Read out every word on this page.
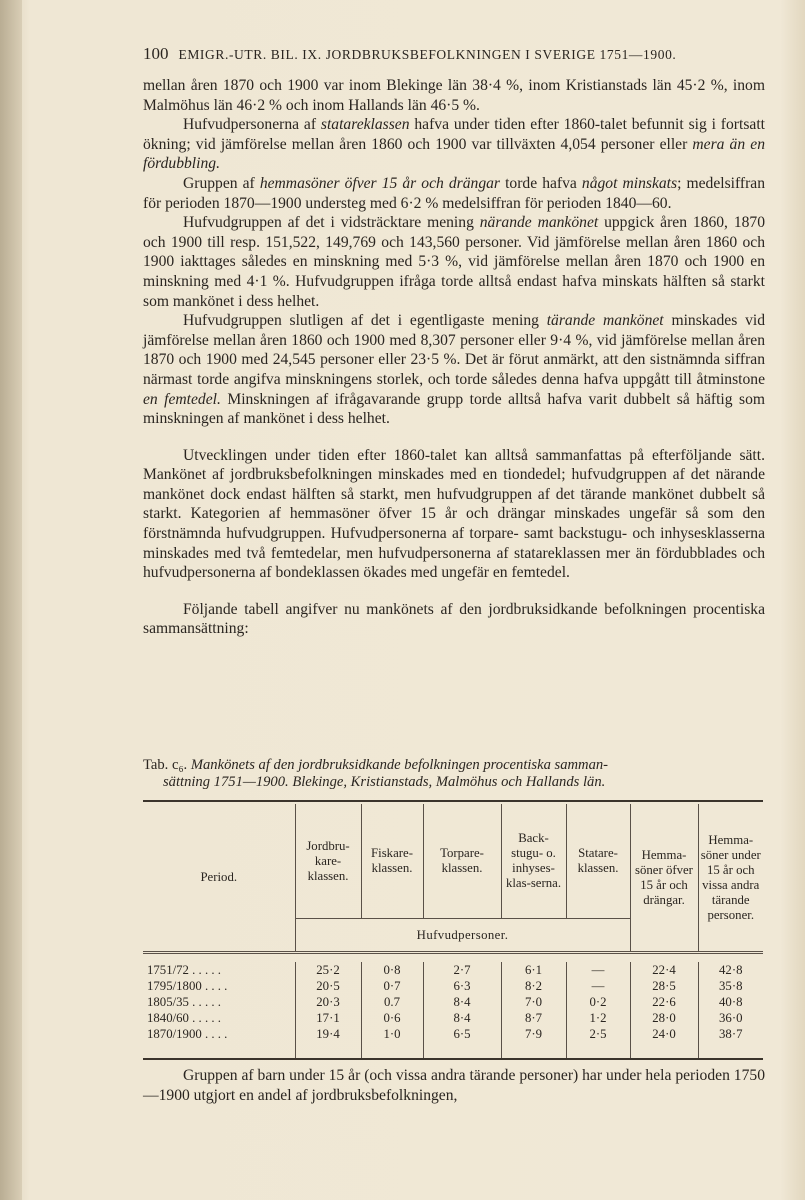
100 EMIGR.-UTR. BIL. IX. JORDBRUKSBEFOLKNINGEN I SVERIGE 1751—1900.

mellan åren 1870 och 1900 var inom Blekinge län 38·4 %, inom Kristianstads län 45·2 %, inom Malmöhus län 46·2 % och inom Hallands län 46·5 %.

Hufvudpersonerna af statareklassen hafva under tiden efter 1860-talet befunnit sig i fortsatt ökning; vid jämförelse mellan åren 1860 och 1900 var tillväxten 4,054 personer eller mera än en fördubbling.

Gruppen af hemmasöner öfver 15 år och drängar torde hafva något minskats; medelsiffran för perioden 1870—1900 understeg med 6·2 % medelsiffran för perioden 1840—60.

Hufvudgruppen af det i vidsträcktare mening närande mankönet uppgick åren 1860, 1870 och 1900 till resp. 151,522, 149,769 och 143,560 personer. Vid jämförelse mellan åren 1860 och 1900 iakttages således en minskning med 5·3 %, vid jämförelse mellan åren 1870 och 1900 en minskning med 4·1 %. Hufvudgruppen ifråga torde alltså endast hafva minskats hälften så starkt som mankönet i dess helhet.

Hufvudgruppen slutligen af det i egentligaste mening tärande mankönet minskades vid jämförelse mellan åren 1860 och 1900 med 8,307 personer eller 9·4 %, vid jämförelse mellan åren 1870 och 1900 med 24,545 personer eller 23·5 %. Det är förut anmärkt, att den sistnämnda siffran närmast torde angifva minskningens storlek, och torde således denna hafva uppgått till åtminstone en femtedel. Minskningen af ifrågavarande grupp torde alltså hafva varit dubbelt så häftig som minskningen af mankönet i dess helhet.

Utvecklingen under tiden efter 1860-talet kan alltså sammanfattas på efterföljande sätt. Mankönet af jordbruksbefolkningen minskades med en tiondedel; hufvudgruppen af det närande mankönet dock endast hälften så starkt, men hufvudgruppen af det tärande mankönet dubbelt så starkt. Kategorien af hemmasöner öfver 15 år och drängar minskades ungefär så som den förstnämnda hufvudgruppen. Hufvudpersonerna af torpare- samt backstugu- och inhysesklasserna minskades med två femtedelar, men hufvudpersonerna af statareklassen mer än fördubblades och hufvudpersonerna af bondeklassen ökades med ungefär en femtedel.

Följande tabell angifver nu mankönets af den jordbruksidkande befolkningen procentiska sammansättning:

Tab. c₆. Mankönets af den jordbruksidkande befolkningen procentiska samman-
sättning 1751—1900. Blekinge, Kristianstads, Malmöhus och Hallands län.
Period.	Jordbru-kare-klassen.	Fiskare-klassen.	Torpare-klassen.	Back-stugu- o. inhyses-klas-serna.	Statare-klassen.	Hemma-söner öfver 15 år och drängar.	Hemma-söner under 15 år och vissa andra tärande personer.
	Hufvudpersoner.						

1751/72 . . . . .	25·2	0·8	2·7	6·1	—	22·4	42·8
1795/1800 . . . .	20·5	0·7	6·3	8·2	—	28·5	35·8
1805/35 . . . . .	20·3	0.7	8·4	7·0	0·2	22·6	40·8
1840/60 . . . . .	17·1	0·6	8·4	8·7	1·2	28·0	36·0
1870/1900 . . . .	19·4	1·0	6·5	7·9	2·5	24·0	38·7

Gruppen af barn under 15 år (och vissa andra tärande personer) har under hela perioden 1750—1900 utgjort en andel af jordbruksbefolkningen,
